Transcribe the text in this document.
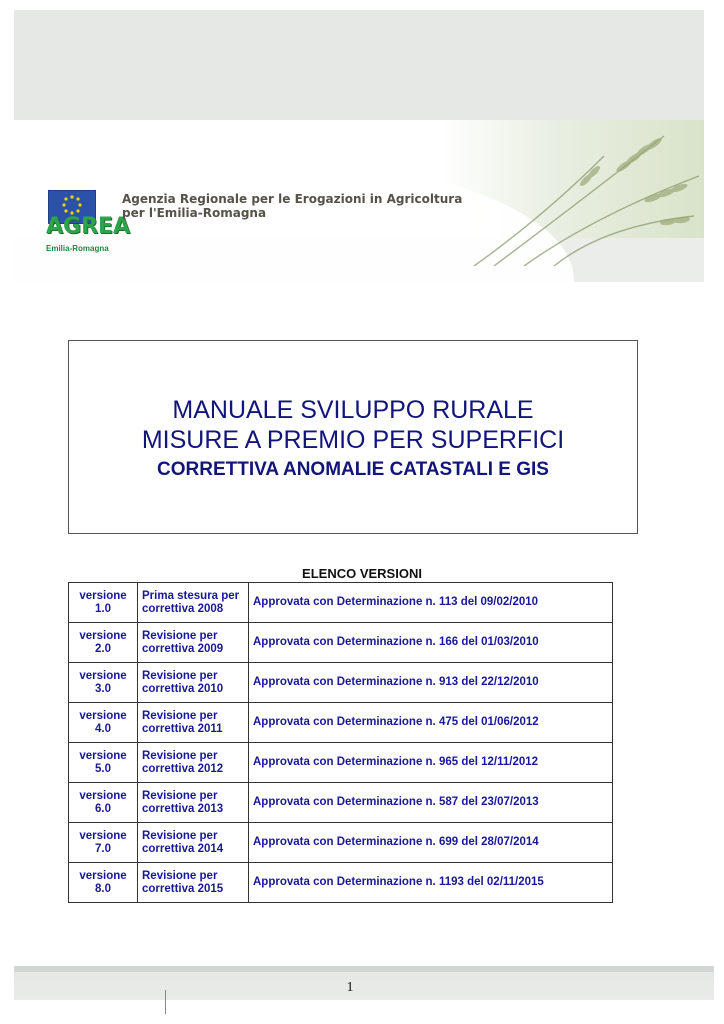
AGREA
Emilia-Romagna
Agenzia Regionale per le Erogazioni in Agricoltura
per l'Emilia-Romagna
MANUALE SVILUPPO RURALE
MISURE A PREMIO PER SUPERFICI
CORRETTIVA ANOMALIE CATASTALI E GIS
ELENCO VERSIONI
versione 1.0	Prima stesura per correttiva 2008	Approvata con Determinazione n. 113 del 09/02/2010
versione 2.0	Revisione per correttiva 2009	Approvata con Determinazione n. 166 del 01/03/2010
versione 3.0	Revisione per correttiva 2010	Approvata con Determinazione n. 913 del 22/12/2010
versione 4.0	Revisione per correttiva 2011	Approvata con Determinazione n. 475 del 01/06/2012
versione 5.0	Revisione per correttiva 2012	Approvata con Determinazione n. 965 del 12/11/2012
versione 6.0	Revisione per correttiva 2013	Approvata con Determinazione n. 587 del 23/07/2013
versione 7.0	Revisione per correttiva 2014	Approvata con Determinazione n. 699 del 28/07/2014
versione 8.0	Revisione per correttiva 2015	Approvata con Determinazione n. 1193 del 02/11/2015
1
